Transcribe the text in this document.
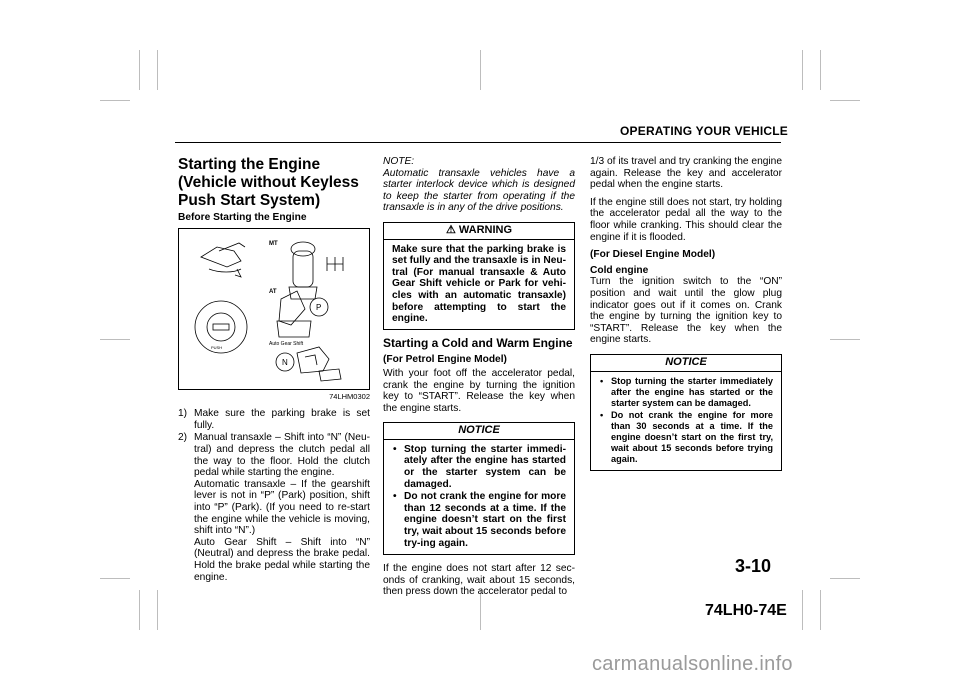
OPERATING YOUR VEHICLE
Starting the Engine (Vehicle without Keyless Push Start System)
Before Starting the Engine
MT
AT
Auto Gear Shift
P
N
PUSH
74LHM0302
1) Make sure the parking brake is set fully.
2) Manual transaxle – Shift into “N” (Neu-tral) and depress the clutch pedal all the way to the floor. Hold the clutch pedal while starting the engine.
Automatic transaxle – If the gearshift lever is not in “P” (Park) position, shift into “P” (Park). (If you need to re-start the engine while the vehicle is moving, shift into “N”.)
Auto Gear Shift – Shift into “N” (Neutral) and depress the brake pedal. Hold the brake pedal while starting the engine.
NOTE:
Automatic transaxle vehicles have a starter interlock device which is designed to keep the starter from operating if the transaxle is in any of the drive positions.
⚠ WARNING
Make sure that the parking brake is set fully and the transaxle is in Neu-tral (For manual transaxle & Auto Gear Shift vehicle or Park for vehi-cles with an automatic transaxle) before attempting to start the engine.
Starting a Cold and Warm Engine
(For Petrol Engine Model)

With your foot off the accelerator pedal, crank the engine by turning the ignition key to “START”. Release the key when the engine starts.

NOTICE
• Stop turning the starter immedi-ately after the engine has started or the starter system can be damaged.
• Do not crank the engine for more than 12 seconds at a time. If the engine doesn’t start on the first try, wait about 15 seconds before try-ing again.

If the engine does not start after 12 sec-onds of cranking, wait about 15 seconds, then press down the accelerator pedal to

1/3 of its travel and try cranking the engine again. Release the key and accelerator pedal when the engine starts.

If the engine still does not start, try holding the accelerator pedal all the way to the floor while cranking. This should clear the engine if it is flooded.

(For Diesel Engine Model)
Cold engine

Turn the ignition switch to the “ON” position and wait until the glow plug indicator goes out if it comes on. Crank the engine by turning the ignition key to “START”. Release the key when the engine starts.

NOTICE
• Stop turning the starter immediately after the engine has started or the starter system can be damaged.
• Do not crank the engine for more than 30 seconds at a time. If the engine doesn’t start on the first try, wait about 15 seconds before trying again.
3-10
74LH0-74E
carmanualsonline.info
